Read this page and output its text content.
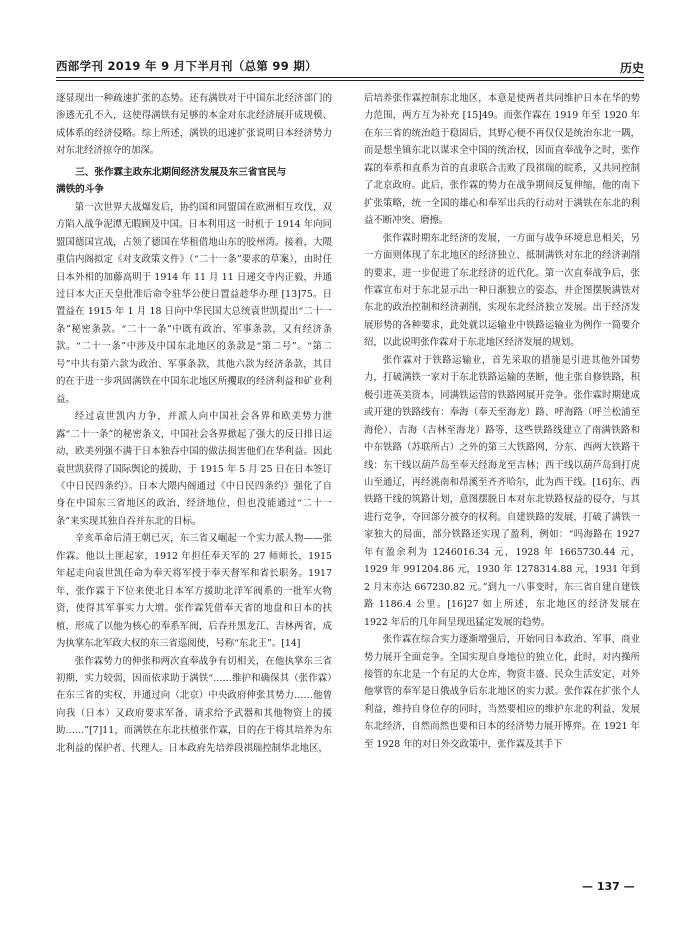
西部学刊 2019 年 9 月下半月刊（总第 99 期）	历史

逐显现出一种疏速扩张的态势。还有满铁对于中国东北经济部门的渗透无孔不入，这使得满铁有足够的本金对东北经济展开成规模、成体系的经济侵略。综上所述，满铁的迅速扩张说明日本经济势力对东北经济掠夺的加深。

三、张作霖主政东北期间经济发展及东三省官民与
满铁的斗争

第一次世界大战爆发后，协约国和同盟国在欧洲相互攻伐，双方陷入战争泥潭无暇顾及中国。日本利用这一时机于 1914 年向同盟国德国宣战，占领了德国在华租借地山东的胶州湾。接着，大隈重信内阁拟定《对支政策文件》（“二十一条”要求的草案），由时任日本外相的加藤高明于 1914 年 11 月 11 日递交寺内正毅，并通过日本大正天皇批准后命令驻华公使日置益趁华办理 [13]75。日置益在 1915 年 1 月 18 日向中华民国大总统袁世凯提出“二十一条”秘密条款。“二十一条”中既有政治、军事条款，又有经济条款。“二十一条”中涉及中国东北地区的条款是“第二号”。“第二号”中共有第六款为政治、军事条款，其他六款为经济条款，其目的在于进一步巩固满铁在中国东北地区所攫取的经济利益和矿业利益。

经过袁世凯内力争，并派人向中国社会各界和欧美势力泄露“二十一条”的秘密条文，中国社会各界掀起了强大的反日排日运动，欧美列强不满于日本独吞中国的做法损害他们在华利益。因此袁世凯获得了国际舆论的援助，于 1915 年 5 月 25 日在日本签订《中日民四条约》。日本大隈内阁通过《中日民四条约》强化了自身在中国东三省地区的政治、经济地位，但也没能通过“二十一条”来实现其独自吞并东北的目标。

辛亥革命后清王朝已灭，东三省又崛起一个实力派人物——张作霖。他以土匪起家，1912 年担任奉天军的 27 师师长，1915 年起走向袁世凯任命为奉天将军授于奉天督军和省长职务。1917 年，张作霖于下位来使北日本军方援助北洋军阀系的一批军火物资，使得其军事实力大增。张作霖凭借奉天省的地盘和日本的扶植，形成了以他为核心的奉系军阀，后吞并黑龙江、吉林两省，成为执掌东北军政大权的东三省巡阅使，号称“东北王”。[14]

张作霖势力的伸张和两次直奉战争有切相关，在他执掌东三省初期，实力较弱，因而依求助于满铁“……维护和确保其（张作霖）在东三省的实权，并通过向（北京）中央政府伸张其势力……他曾向我（日本）又政府要求军备、请求给予武器和其他物资上的援助……”[7]11，而满铁在东北扶植张作霖，目的在于将其培养为东北利益的保护者、代理人。日本政府先培养段祺瑞控制华北地区，

后培养张作霖控制东北地区，本意是使两者共同维护日本在华的势力范围，两方互为补充 [15]49。而张作霖在 1919 年至 1920 年在东三省的统治趋于稳固后，其野心便不再仅仅是统治东北一隅，而是想坐镇东北以谋求全中国的统治权，因而直奉战争之时，张作霖的奉系和直系为首的直隶联合击败了段祺瑞的皖系，又共同控制了北京政府。此后，张作霖的势力在战争期间反复伸缩，他的南下扩张策略，统一全国的雄心和奉军出兵的行动对于满铁在东北的利益不断冲突、磨擦。

张作霖时期东北经济的发展，一方面与战争环境息息相关，另一方面则体现了东北地区的经济独立、抵制满铁对东北的经济剥削的要求，进一步促进了东北经济的近代化。第一次直奉战争后，张作霖宣布对于东北显示出一种日渐独立的姿态，并企图摆脱满铁对东北的政治控制和经济剥削，实现东北经济独立发展。出于经济发展形势的各种要求，此处就以运输业中铁路运输业为例作一简要介绍，以此说明张作霖对于东北地区经济发展的规划。

张作霖对于铁路运输业，首先采取的措施是引进其他外国势力，打破满铁一家对于东北铁路运输的垄断，他主张自修铁路，积极引进英美资本，同满铁运营的铁路网展开竞争。张作霖时期建成或开建的铁路线有：奉海（奉天至海龙）路、呼海路（呼兰松浦至海伦）、吉海（吉林至海龙）路等，这些铁路线建立了南满铁路和中东铁路（苏联所占）之外的第三大铁路网，分东、西两大铁路干线：东干线以葫芦岛至奉天经海龙至吉林；西干线以葫芦岛到打虎山至通辽，再经洮南和昂溪至齐齐哈尔，此为西干线。[16]东、西铁路干线的筑路计划，意图摆脱日本对东北铁路权益的侵夺，与其进行竞争，夺回部分被夺的权利。自建铁路的发展，打破了满铁一家独大的局面，部分铁路还实现了盈利，例如：“吗海路在 1927 年有盈余利为 1246016.34 元，1928 年 1665730.44 元，1929 年 991204.86 元，1930 年 1278314.88 元，1931 年到 2 月末亦达 667230.82 元。”到九一八事变时，东三省自建自建铁路 1186.4 公里。[16]27 如上所述，东北地区的经济发展在 1922 年后的几年间呈现迅猛定发展的趋势。

张作霖在综合实力逐渐增强后，开始同日本政治、军事、商业势力展开全面竞争。全国实现自身地位的独立化，此时，对内操所接管的东北是一个有足的大仓库，物资丰盛、民众生活安定，对外他掌管的奉军是日俄战争后东北地区的实力派。张作霖在扩张个人利益，维持自身位存的同时，当然要相应的维护东北的利益，发展东北经济，自然而然也要和日本的经济势力展开博弈。在 1921 年至 1928 年的对日外交政策中，张作霖及其手下

— 137 —
